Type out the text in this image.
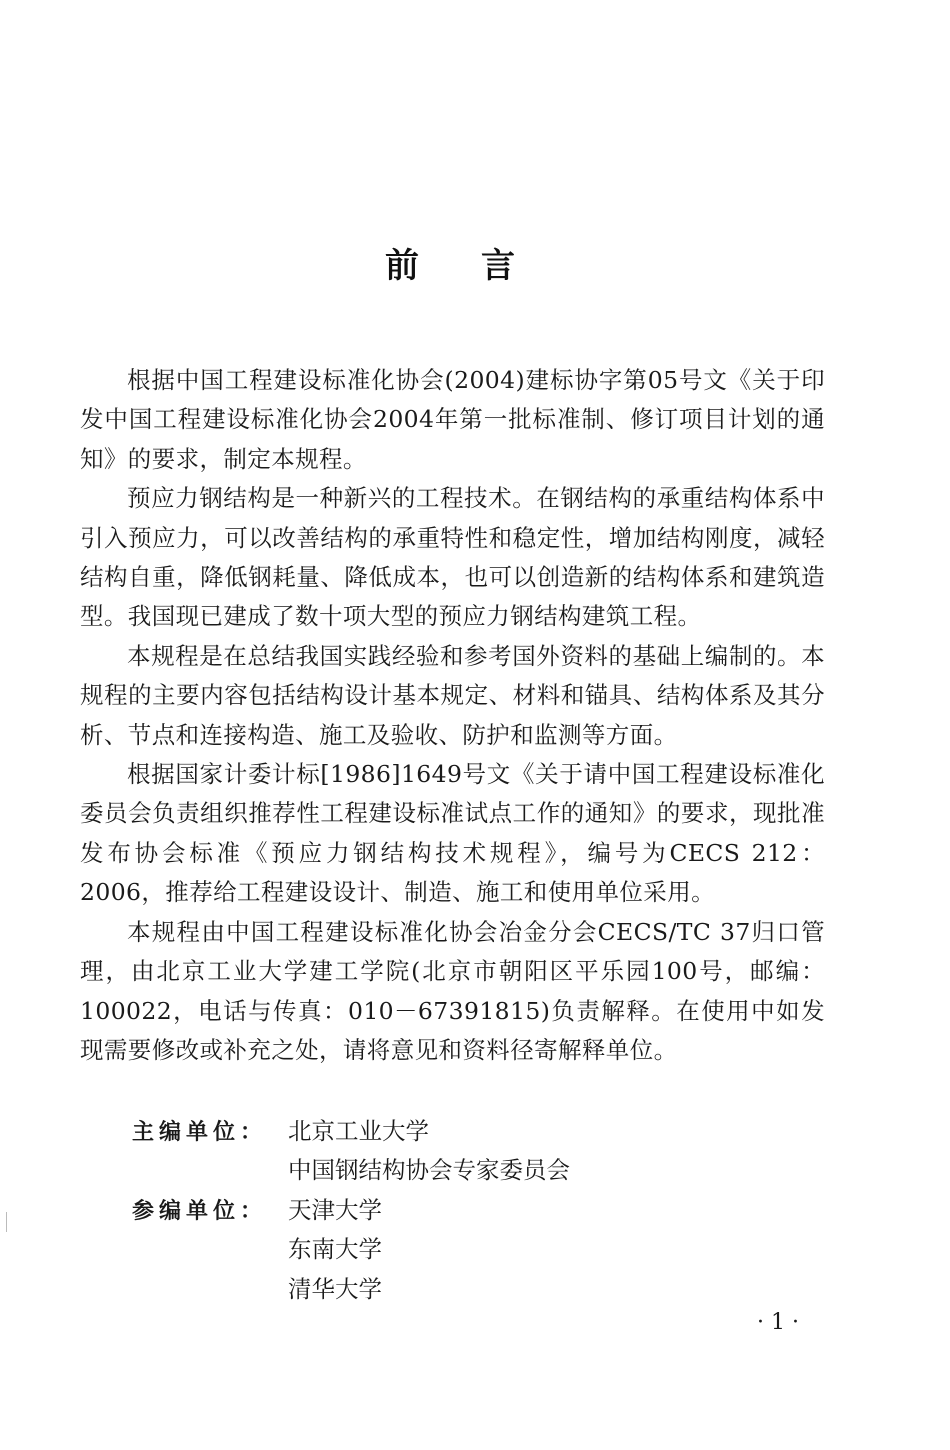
前言

根据中国工程建设标准化协会(2004)建标协字第05号文《关于印发中国工程建设标准化协会2004年第一批标准制、修订项目计划的通知》的要求，制定本规程。

预应力钢结构是一种新兴的工程技术。在钢结构的承重结构体系中引入预应力，可以改善结构的承重特性和稳定性，增加结构刚度，减轻结构自重，降低钢耗量、降低成本，也可以创造新的结构体系和建筑造型。我国现已建成了数十项大型的预应力钢结构建筑工程。

本规程是在总结我国实践经验和参考国外资料的基础上编制的。本规程的主要内容包括结构设计基本规定、材料和锚具、结构体系及其分析、节点和连接构造、施工及验收、防护和监测等方面。

根据国家计委计标[1986]1649号文《关于请中国工程建设标准化委员会负责组织推荐性工程建设标准试点工作的通知》的要求，现批准发布协会标准《预应力钢结构技术规程》，编号为CECS 212：2006，推荐给工程建设设计、制造、施工和使用单位采用。

本规程由中国工程建设标准化协会冶金分会CECS/TC 37归口管理，由北京工业大学建工学院(北京市朝阳区平乐园100号，邮编：100022，电话与传真：010－67391815)负责解释。在使用中如发现需要修改或补充之处，请将意见和资料径寄解释单位。

主编单位： 北京工业大学
中国钢结构协会专家委员会
参编单位： 天津大学
东南大学
清华大学
· 1 ·
